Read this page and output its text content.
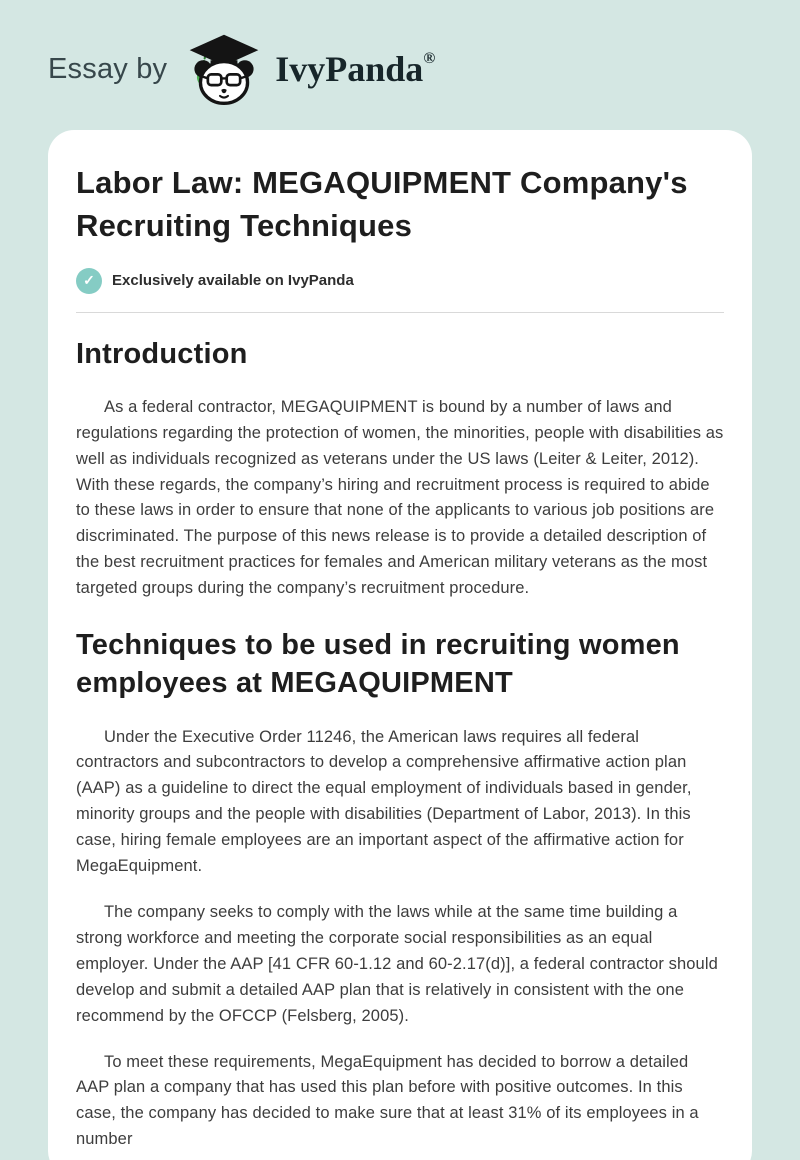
Essay by	IvyPanda ®
Labor Law: MEGAQUIPMENT Company's Recruiting Techniques
✓	Exclusively available on IvyPanda
Introduction

As a federal contractor, MEGAQUIPMENT is bound by a number of laws and regulations regarding the protection of women, the minorities, people with disabilities as well as individuals recognized as veterans under the US laws (Leiter & Leiter, 2012). With these regards, the company’s hiring and recruitment process is required to abide to these laws in order to ensure that none of the applicants to various job positions are discriminated. The purpose of this news release is to provide a detailed description of the best recruitment practices for females and American military veterans as the most targeted groups during the company’s recruitment procedure.

Techniques to be used in recruiting women employees at MEGAQUIPMENT

Under the Executive Order 11246, the American laws requires all federal contractors and subcontractors to develop a comprehensive affirmative action plan (AAP) as a guideline to direct the equal employment of individuals based in gender, minority groups and the people with disabilities (Department of Labor, 2013). In this case, hiring female employees are an important aspect of the affirmative action for MegaEquipment.

The company seeks to comply with the laws while at the same time building a strong workforce and meeting the corporate social responsibilities as an equal employer. Under the AAP [41 CFR 60-1.12 and 60-2.17(d)], a federal contractor should develop and submit a detailed AAP plan that is relatively in consistent with the one recommend by the OFCCP (Felsberg, 2005).

To meet these requirements, MegaEquipment has decided to borrow a detailed AAP plan a company that has used this plan before with positive outcomes. In this case, the company has decided to make sure that at least 31% of its employees in a number
